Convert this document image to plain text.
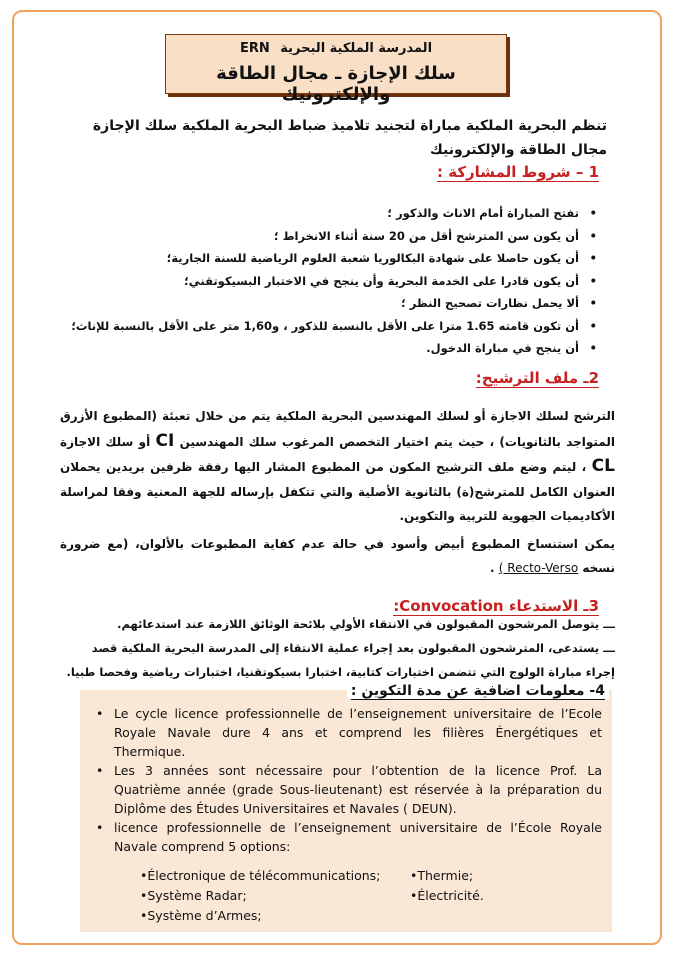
المدرسة الملكية البحرية ERN
سلك الإجازة ـ مجال الطاقة والإلكترونيك
تنظم البحرية الملكية مباراة لتجنيد تلاميذ ضباط البحرية الملكية سلك الإجازة مجال الطاقة والإلكترونيك
1 – شروط المشاركة :
•
تفتح المباراة أمام الاناث والذكور ؛
•
أن يكون سن المترشح أقل من 20 سنة أثناء الانخراط ؛
•
أن يكون حاصلا على شهادة البكالوريا شعبة العلوم الرياضية للسنة الجارية؛
•
أن يكون قادرا على الخدمة البحرية وأن ينجح في الاختبار البسيكوتقني؛
•
ألا يحمل نظارات تصحيح النظر ؛
•
أن تكون قامته 1.65 مترا على الأقل بالنسبة للذكور ، و1,60 متر على الأقل بالنسبة للإناث؛
•
أن ينجح في مباراة الدخول.
2ـ ملف الترشيح:
الترشح لسلك الاجازة أو لسلك المهندسين البحرية الملكية يتم من خلال تعبئة (المطبوع الأزرق المتواجد بالثانويات) ، حيث يتم اختيار التخصص المرغوب سلك المهندسين CI أو سلك الاجازة CL ، ليتم وضع ملف الترشيح المكون من المطبوع المشار اليها رفقة ظرفين بريدين يحملان العنوان الكامل للمترشح(ة) بالثانوية الأصلية والتي تتكفل بإرساله للجهة المعنية وفقا لمراسلة الأكاديميات الجهوية للتربية والتكوين.
يمكن استنساخ المطبوع أبيض وأسود في حالة عدم كفاية المطبوعات بالألوان، (مع ضرورة نسخه ( Recto-Verso .
3ـ الاستدعاء Convocation:
ـــ يتوصل المرشحون المقبولون في الانتقاء الأولي بلائحة الوثائق اللازمة عند استدعائهم.
ـــ يستدعى، المترشحون المقبولون بعد إجراء عملية الانتقاء إلى المدرسة البحرية الملكية قصد
إجراء مباراة الولوج التي تتضمن اختبارات كتابية، اختبارا بسيكوتقنيا، اختبارات رياضية وفحصا طبيا.
4- معلومات اضافية عن مدة التكوين :
• Le cycle licence professionnelle de l’enseignement universitaire de l’Ecole Royale Navale dure 4 ans et comprend les filières Énergétiques et Thermique.
• Les 3 années sont nécessaire pour l’obtention de la licence Prof. La Quatrième année (grade Sous-lieutenant) est réservée à la préparation du Diplôme des Études Universitaires et Navales ( DEUN).
• licence professionnelle de l’enseignement universitaire de l’École Royale Navale comprend 5 options:
•Électronique de télécommunications; •Thermie;
•Système Radar;	•Électricité.
•Système d’Armes;
